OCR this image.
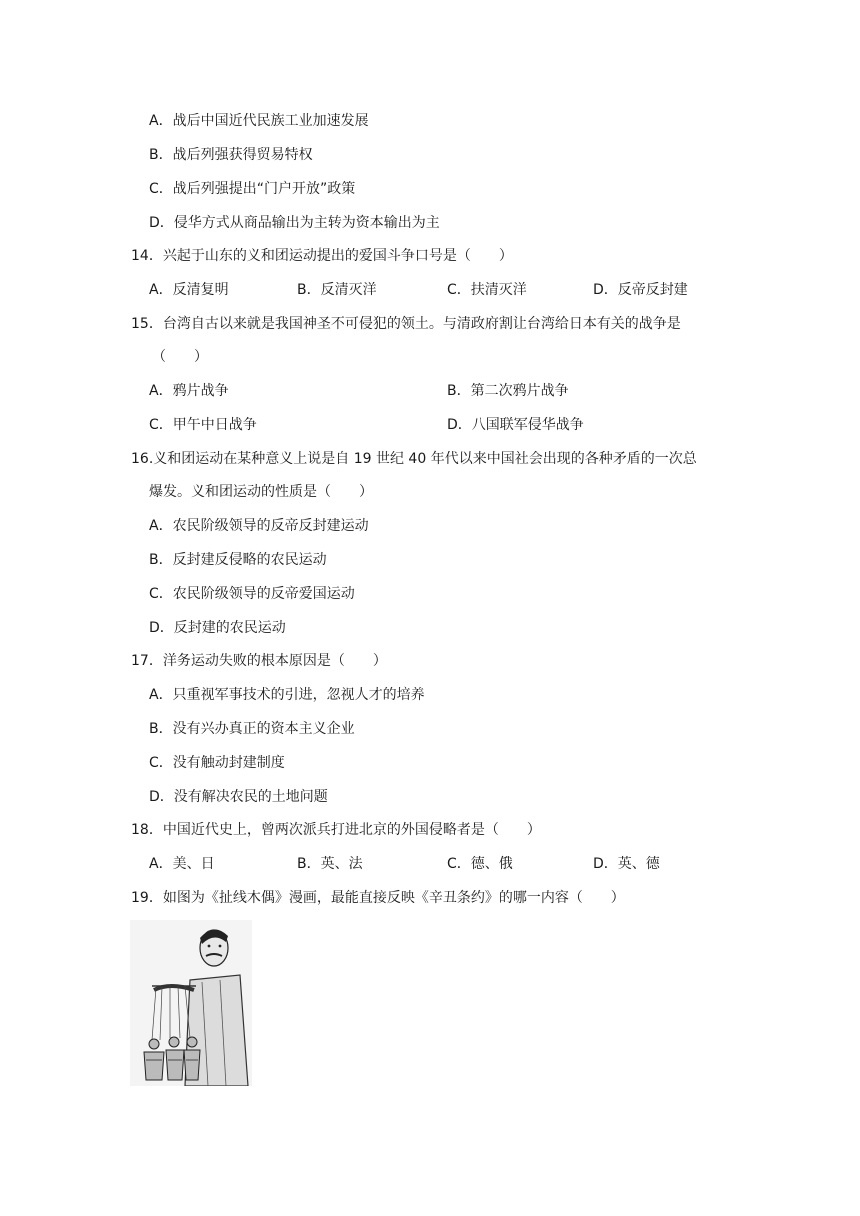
A．战后中国近代民族工业加速发展
B．战后列强获得贸易特权
C．战后列强提出“门户开放”政策
D．侵华方式从商品输出为主转为资本输出为主
14．兴起于山东的义和团运动提出的爱国斗争口号是（　　）
A．反清复明	B．反清灭洋	C．扶清灭洋	D．反帝反封建
15．台湾自古以来就是我国神圣不可侵犯的领土。与清政府割让台湾给日本有关的战争是
（　　）
A．鸦片战争	B．第二次鸦片战争
C．甲午中日战争	D．八国联军侵华战争
16.义和团运动在某种意义上说是自 19 世纪 40 年代以来中国社会出现的各种矛盾的一次总
爆发。义和团运动的性质是（　　）
A．农民阶级领导的反帝反封建运动
B．反封建反侵略的农民运动
C．农民阶级领导的反帝爱国运动
D．反封建的农民运动
17．洋务运动失败的根本原因是（　　）
A．只重视军事技术的引进，忽视人才的培养
B．没有兴办真正的资本主义企业
C．没有触动封建制度
D．没有解决农民的土地问题
18．中国近代史上，曾两次派兵打进北京的外国侵略者是（　　）
A．美、日	B．英、法	C．德、俄	D．英、德
19．如图为《扯线木偶》漫画，最能直接反映《辛丑条约》的哪一内容（　　）
